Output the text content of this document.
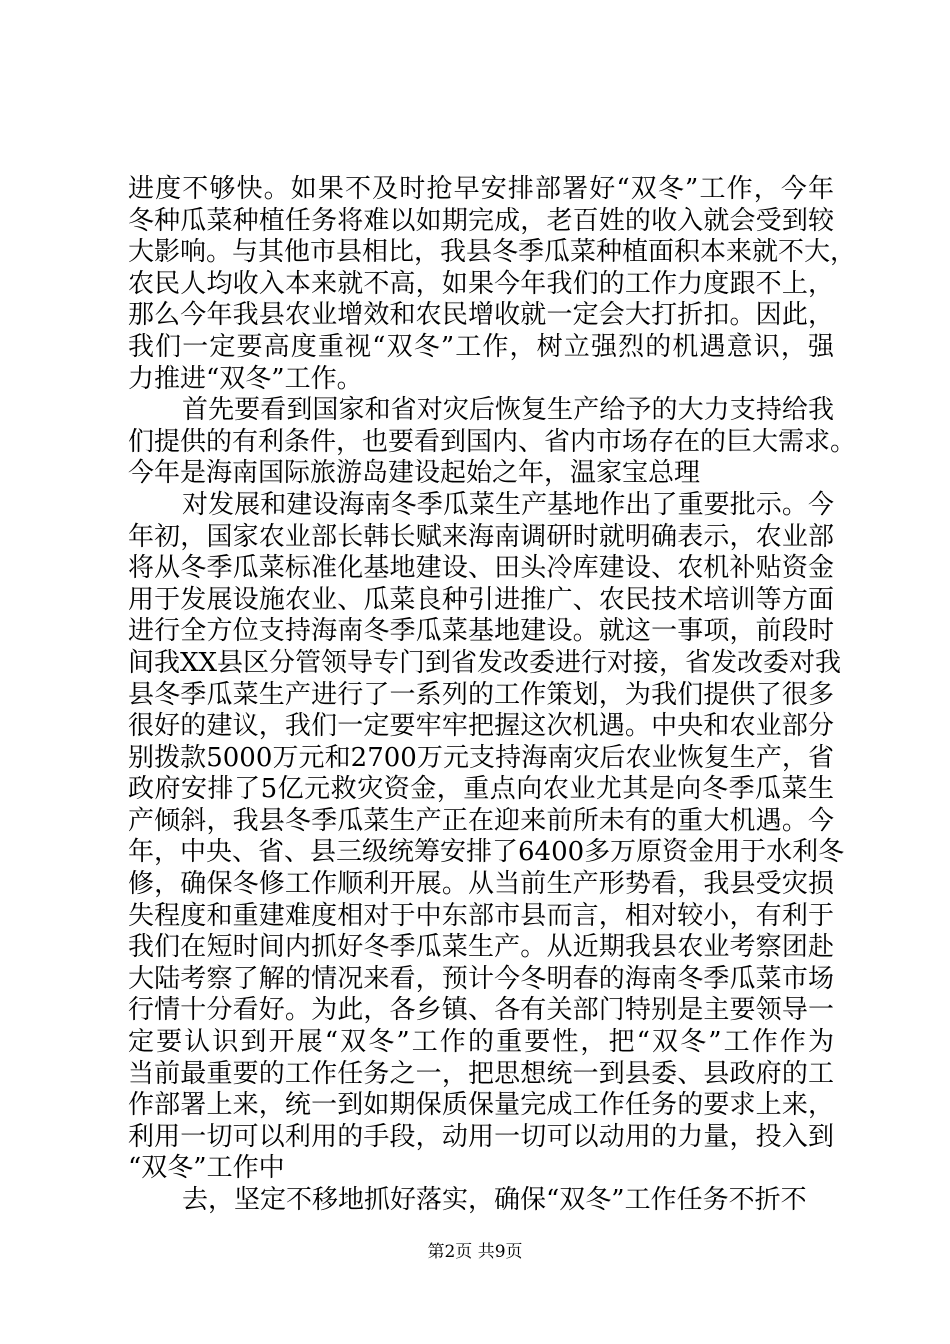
进度不够快。如果不及时抢早安排部署好“双冬”工作，今年
冬种瓜菜种植任务将难以如期完成，老百姓的收入就会受到较
大影响。与其他市县相比，我县冬季瓜菜种植面积本来就不大，
农民人均收入本来就不高，如果今年我们的工作力度跟不上，
那么今年我县农业增效和农民增收就一定会大打折扣。因此，
我们一定要高度重视“双冬”工作，树立强烈的机遇意识，强
力推进“双冬”工作。
首先要看到国家和省对灾后恢复生产给予的大力支持给我
们提供的有利条件，也要看到国内、省内市场存在的巨大需求。
今年是海南国际旅游岛建设起始之年，温家宝总理
对发展和建设海南冬季瓜菜生产基地作出了重要批示。今
年初，国家农业部长韩长赋来海南调研时就明确表示，农业部
将从冬季瓜菜标准化基地建设、田头冷库建设、农机补贴资金
用于发展设施农业、瓜菜良种引进推广、农民技术培训等方面
进行全方位支持海南冬季瓜菜基地建设。就这一事项，前段时
间我XX县区分管领导专门到省发改委进行对接，省发改委对我
县冬季瓜菜生产进行了一系列的工作策划，为我们提供了很多
很好的建议，我们一定要牢牢把握这次机遇。中央和农业部分
别拨款5000万元和2700万元支持海南灾后农业恢复生产，省
政府安排了5亿元救灾资金，重点向农业尤其是向冬季瓜菜生
产倾斜，我县冬季瓜菜生产正在迎来前所未有的重大机遇。今
年，中央、省、县三级统筹安排了6400多万原资金用于水利冬
修，确保冬修工作顺利开展。从当前生产形势看，我县受灾损
失程度和重建难度相对于中东部市县而言，相对较小，有利于
我们在短时间内抓好冬季瓜菜生产。从近期我县农业考察团赴
大陆考察了解的情况来看，预计今冬明春的海南冬季瓜菜市场
行情十分看好。为此，各乡镇、各有关部门特别是主要领导一
定要认识到开展“双冬”工作的重要性，把“双冬”工作作为
当前最重要的工作任务之一，把思想统一到县委、县政府的工
作部署上来，统一到如期保质保量完成工作任务的要求上来，
利用一切可以利用的手段，动用一切可以动用的力量，投入到
“双冬”工作中
去，坚定不移地抓好落实，确保“双冬”工作任务不折不
第2页 共9页
